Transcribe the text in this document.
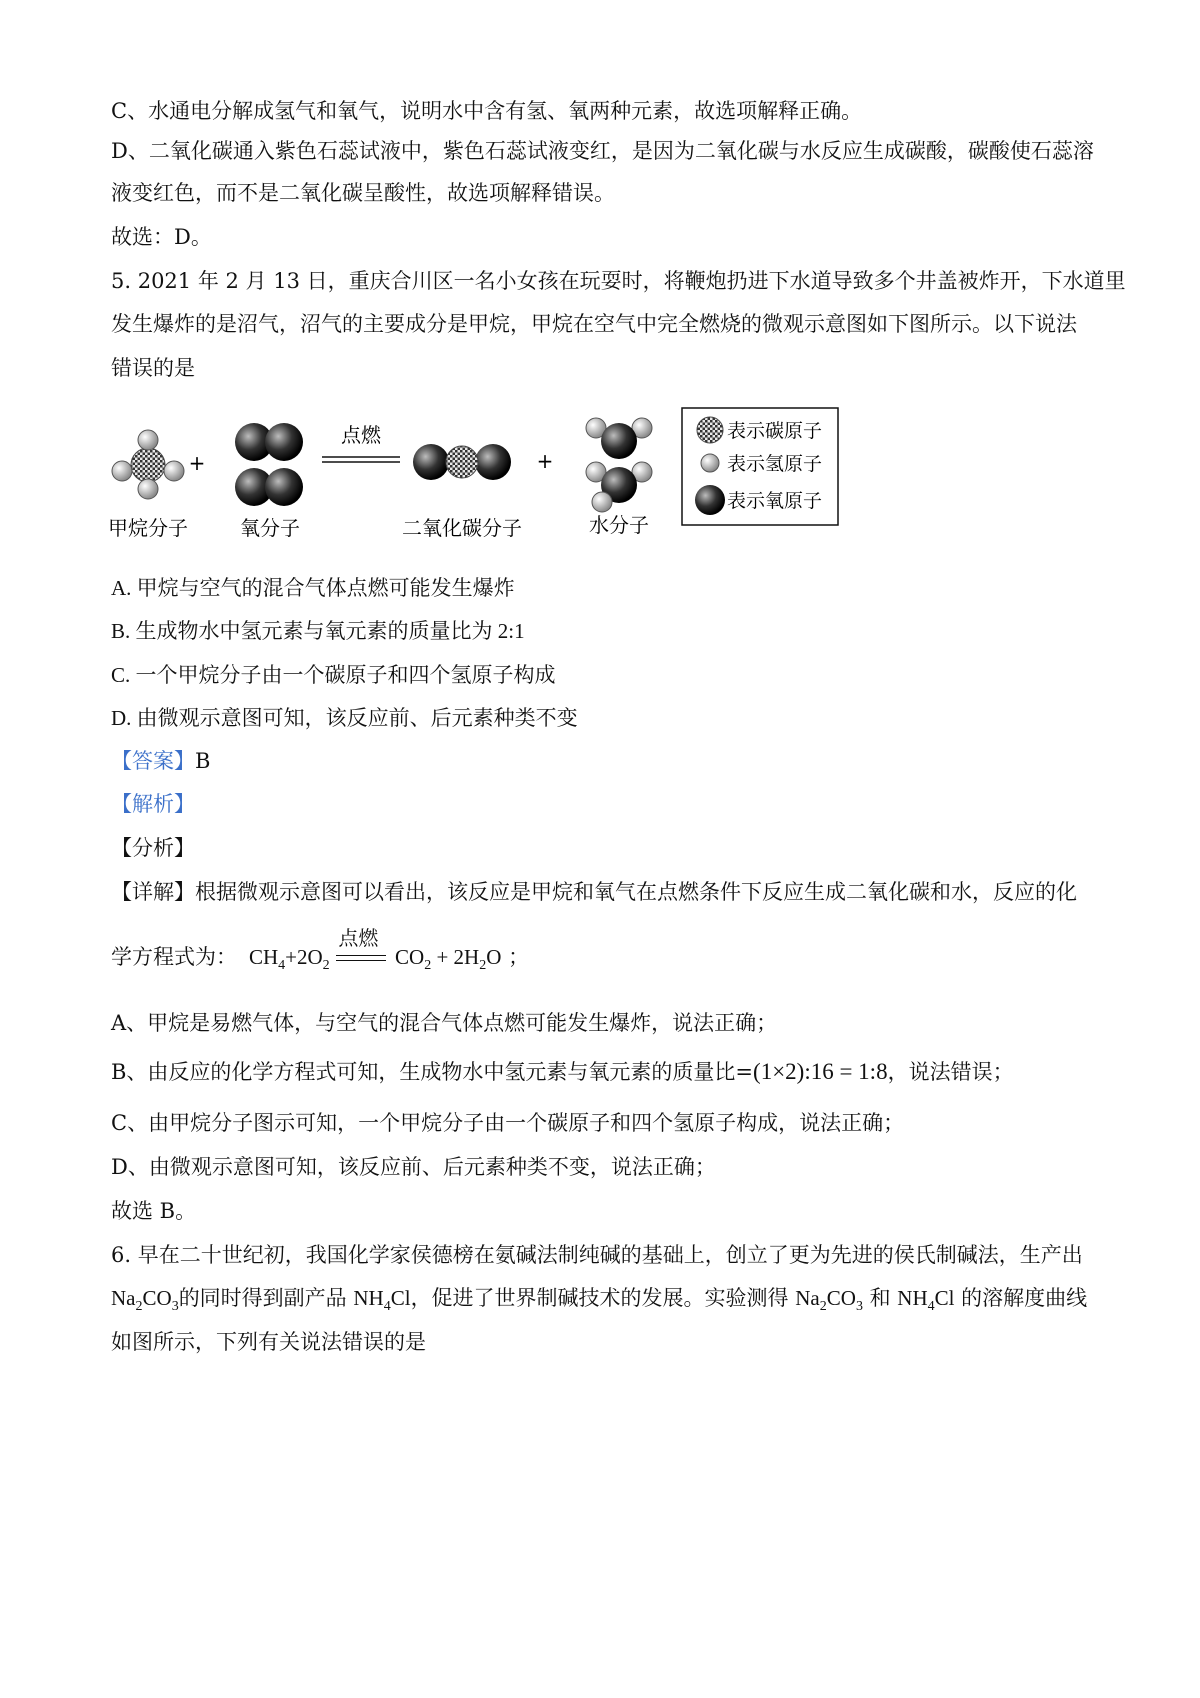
C、水通电分解成氢气和氧气，说明水中含有氢、氧两种元素，故选项解释正确。
D、二氧化碳通入紫色石蕊试液中，紫色石蕊试液变红，是因为二氧化碳与水反应生成碳酸，碳酸使石蕊溶
液变红色，而不是二氧化碳呈酸性，故选项解释错误。
故选：D。
5. 2021 年 2 月 13 日，重庆合川区一名小女孩在玩耍时，将鞭炮扔进下水道导致多个井盖被炸开，下水道里
发生爆炸的是沼气，沼气的主要成分是甲烷，甲烷在空气中完全燃烧的微观示意图如下图所示。以下说法
错误的是
+
点燃
+
表示碳原子
表示氢原子
表示氧原子
甲烷分子	氧分子	二氧化碳分子	水分子
A. 甲烷与空气的混合气体点燃可能发生爆炸
B. 生成物水中氢元素与氧元素的质量比为 2:1
C. 一个甲烷分子由一个碳原子和四个氢原子构成
D. 由微观示意图可知，该反应前、后元素种类不变
【答案】B
【解析】
【分析】
【详解】根据微观示意图可以看出，该反应是甲烷和氧气在点燃条件下反应生成二氧化碳和水，反应的化
学方程式为：  $CH_4+2O_2$
点燃
$CO_2 + 2H_2O$ ；
A、甲烷是易燃气体，与空气的混合气体点燃可能发生爆炸，说法正确；
B、由反应的化学方程式可知，生成物水中氢元素与氧元素的质量比=(1×2):16 = 1:8，说法错误；
C、由甲烷分子图示可知，一个甲烷分子由一个碳原子和四个氢原子构成，说法正确；
D、由微观示意图可知，该反应前、后元素种类不变，说法正确；
故选 B。
6. 早在二十世纪初，我国化学家侯德榜在氨碱法制纯碱的基础上，创立了更为先进的侯氏制碱法，生产出
$Na_2CO_3$的同时得到副产品 $NH_4Cl$，促进了世界制碱技术的发展。实验测得 $Na_2CO_3$ 和 $NH_4Cl$ 的溶解度曲线
如图所示，下列有关说法错误的是
